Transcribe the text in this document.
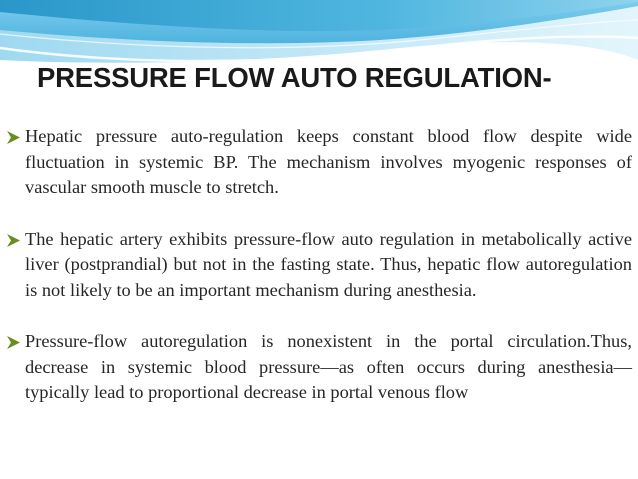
PRESSURE FLOW AUTO REGULATION-
Hepatic pressure auto-regulation keeps constant blood flow despite wide fluctuation in systemic BP. The mechanism involves myogenic responses of vascular smooth muscle to stretch.
The hepatic artery exhibits pressure-flow auto regulation in metabolically active liver (postprandial) but not in the fasting state. Thus, hepatic flow autoregulation is not likely to be an important mechanism during anesthesia.
Pressure-flow autoregulation is nonexistent in the portal circulation.Thus, decrease in systemic blood pressure—as often occurs during anesthesia—typically lead to proportional decrease in portal venous flow
